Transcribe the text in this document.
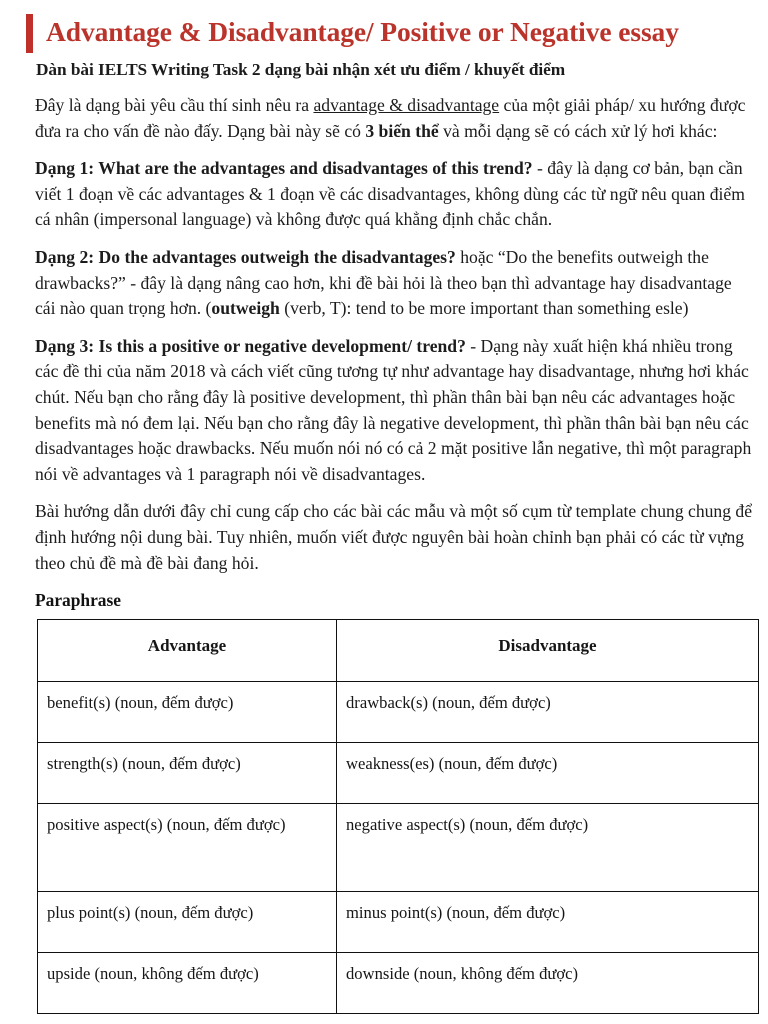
Advantage & Disadvantage/ Positive or Negative essay
Dàn bài IELTS Writing Task 2 dạng bài nhận xét ưu điểm / khuyết điểm

Đây là dạng bài yêu cầu thí sinh nêu ra advantage & disadvantage của một giải pháp/ xu hướng được đưa ra cho vấn đề nào đấy. Dạng bài này sẽ có 3 biến thể và mỗi dạng sẽ có cách xử lý hơi khác:

Dạng 1: What are the advantages and disadvantages of this trend? - đây là dạng cơ bản, bạn cần viết 1 đoạn về các advantages & 1 đoạn về các disadvantages, không dùng các từ ngữ nêu quan điểm cá nhân (impersonal language) và không được quá khẳng định chắc chắn.

Dạng 2: Do the advantages outweigh the disadvantages? hoặc “Do the benefits outweigh the drawbacks?” - đây là dạng nâng cao hơn, khi đề bài hỏi là theo bạn thì advantage hay disadvantage cái nào quan trọng hơn. (outweigh (verb, T): tend to be more important than something esle)

Dạng 3: Is this a positive or negative development/ trend? - Dạng này xuất hiện khá nhiều trong các đề thi của năm 2018 và cách viết cũng tương tự như advantage hay disadvantage, nhưng hơi khác chút. Nếu bạn cho rằng đây là positive development, thì phần thân bài bạn nêu các advantages hoặc benefits mà nó đem lại. Nếu bạn cho rằng đây là negative development, thì phần thân bài bạn nêu các disadvantages hoặc drawbacks. Nếu muốn nói nó có cả 2 mặt positive lẫn negative, thì một paragraph nói về advantages và 1 paragraph nói về disadvantages.

Bài hướng dẫn dưới đây chỉ cung cấp cho các bài các mẫu và một số cụm từ template chung chung để định hướng nội dung bài. Tuy nhiên, muốn viết được nguyên bài hoàn chỉnh bạn phải có các từ vựng theo chủ đề mà đề bài đang hỏi.

Paraphrase
Advantage	Disadvantage
benefit(s) (noun, đếm được)	drawback(s) (noun, đếm được)
strength(s) (noun, đếm được)	weakness(es) (noun, đếm được)
positive aspect(s) (noun, đếm được)	negative aspect(s) (noun, đếm được)
plus point(s) (noun, đếm được)	minus point(s) (noun, đếm được)
upside (noun, không đếm được)	downside (noun, không đếm được)
